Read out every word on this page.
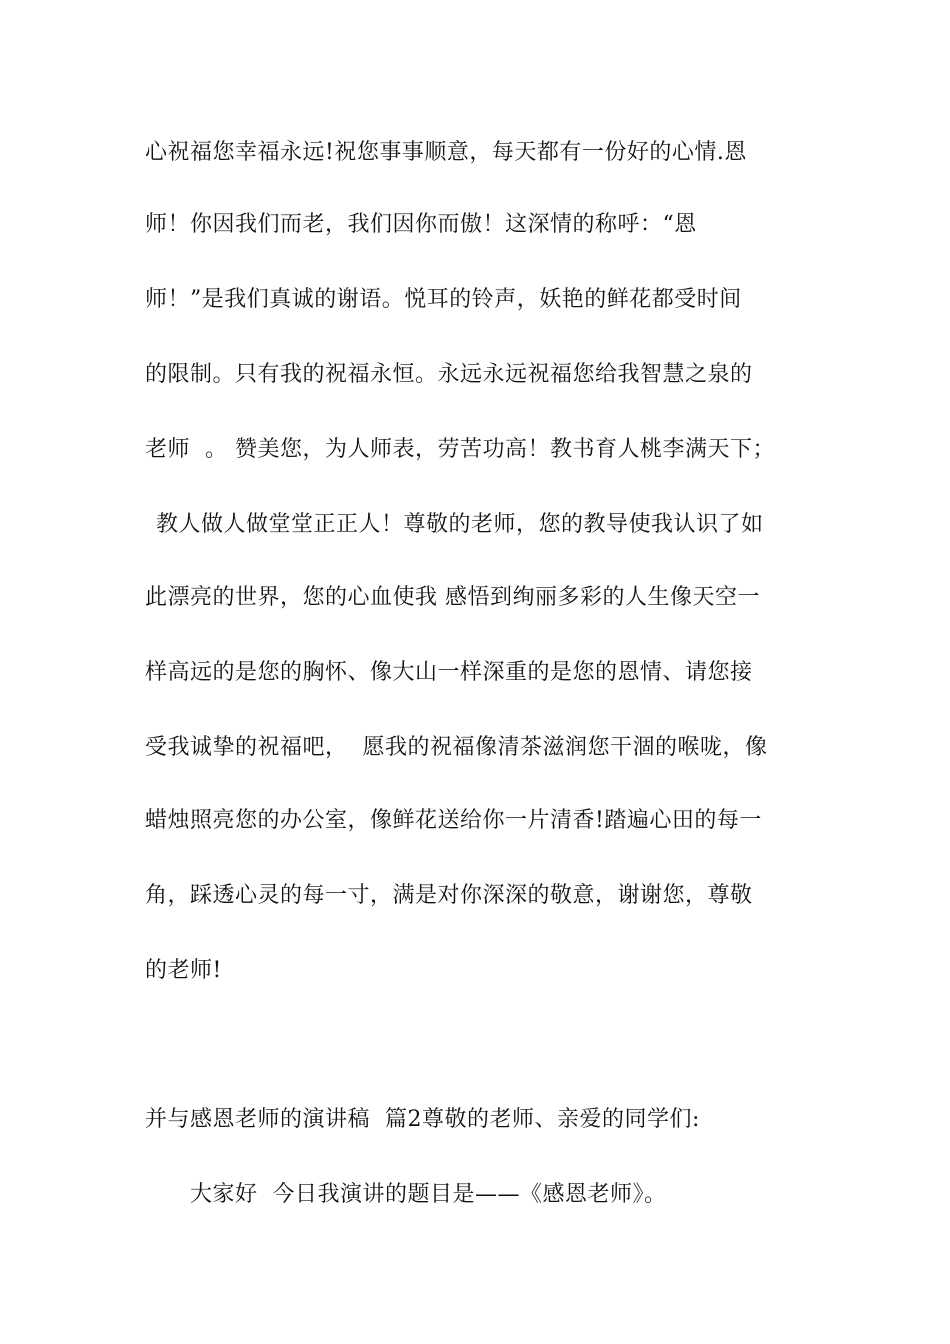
心祝福您幸福永远!祝您事事顺意，每天都有一份好的心情.恩
师！你因我们而老，我们因你而傲！这深情的称呼：“恩
师！”是我们真诚的谢语。悦耳的铃声，妖艳的鲜花都受时间
的限制。只有我的祝福永恒。永远永远祝福您给我智慧之泉的
老师  。 赞美您，为人师表，劳苦功高！教书育人桃李满天下；
教人做人做堂堂正正人！尊敬的老师，您的教导使我认识了如
此漂亮的世界，您的心血使我 感悟到绚丽多彩的人生像天空一
样高远的是您的胸怀、像大山一样深重的是您的恩情、请您接
受我诚挚的祝福吧，  愿我的祝福像清茶滋润您干涸的喉咙，像
蜡烛照亮您的办公室，像鲜花送给你一片清香!踏遍心田的每一
角，踩透心灵的每一寸，满是对你深深的敬意，谢谢您，尊敬
的老师!
并与感恩老师的演讲稿  篇2尊敬的老师、亲爱的同学们:
大家好  今日我演讲的题目是——《感恩老师》。
